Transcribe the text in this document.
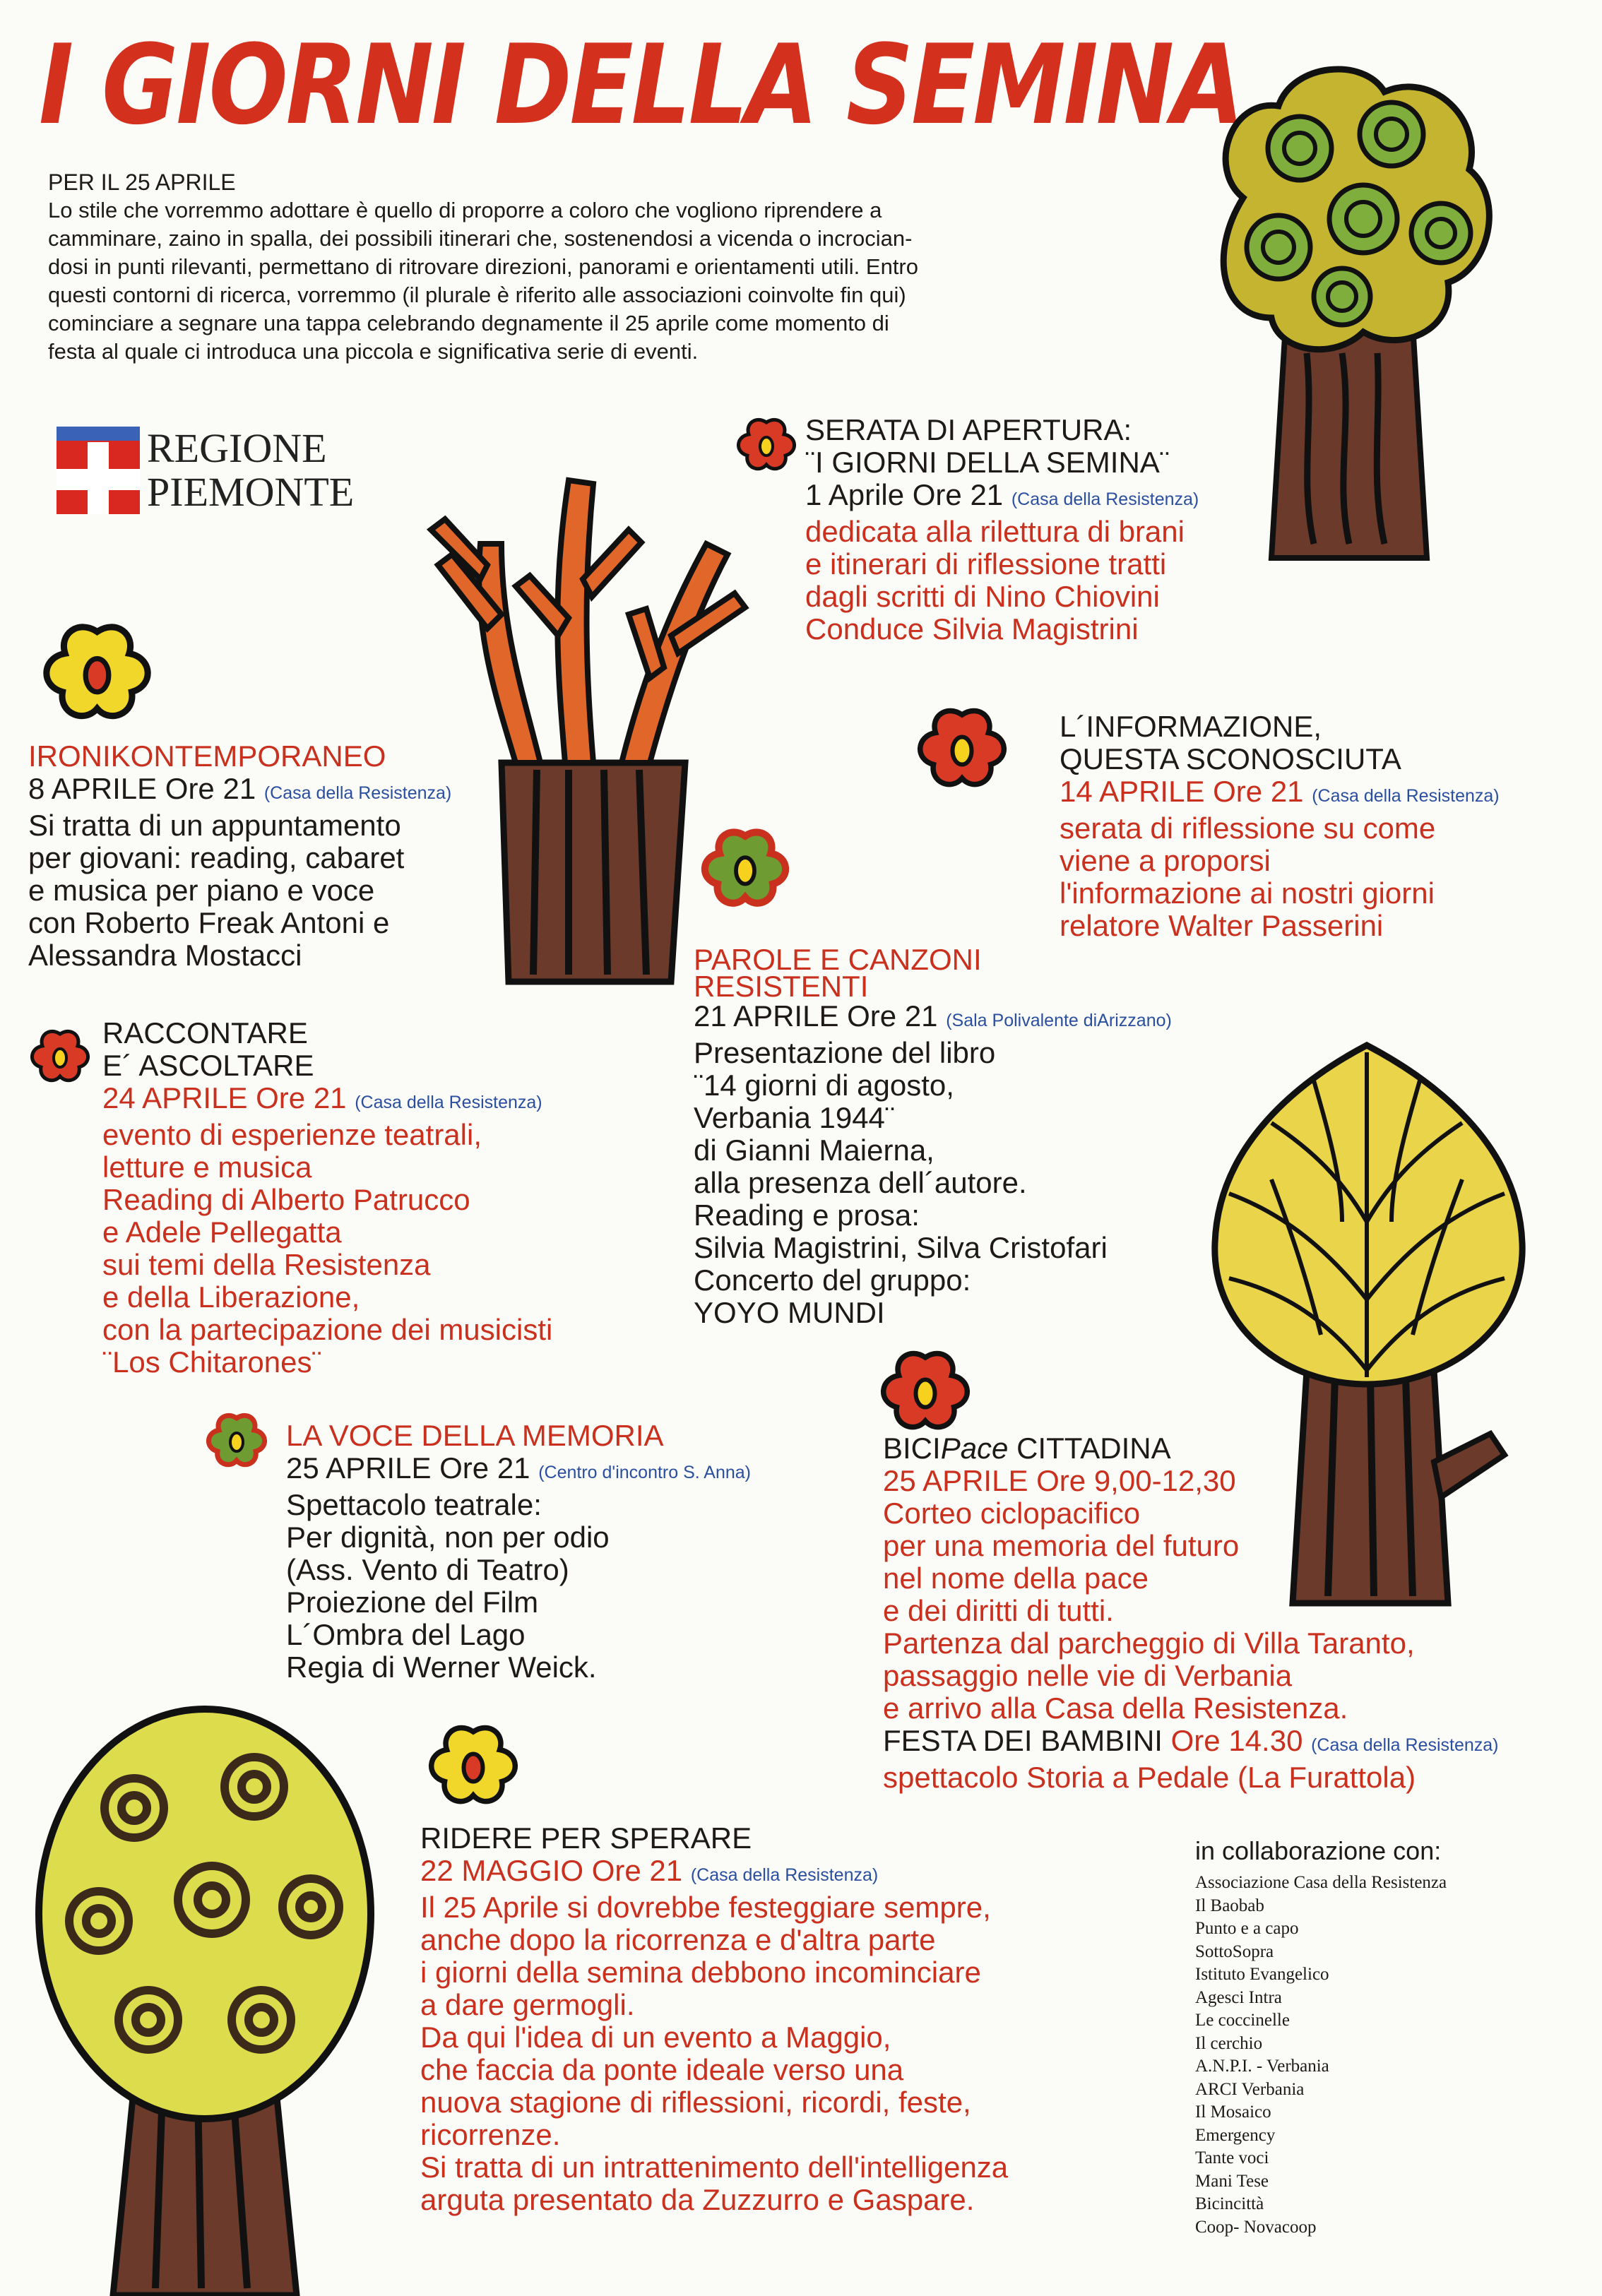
I GIORNI DELLA SEMINA
PER IL 25 APRILE
Lo stile che vorremmo adottare è quello di proporre a coloro che vogliono riprendere a
camminare, zaino in spalla, dei possibili itinerari che, sostenendosi a vicenda o incrocian-
dosi in punti rilevanti, permettano di ritrovare direzioni, panorami e orientamenti utili. Entro
questi contorni di ricerca, vorremmo (il plurale è riferito alle associazioni coinvolte fin qui)
cominciare a segnare una tappa celebrando degnamente il 25 aprile come momento di
festa al quale ci introduca una piccola e significativa serie di eventi.
REGIONE
PIEMONTE
SERATA DI APERTURA:
¨I GIORNI DELLA SEMINA¨
1 Aprile Ore 21 (Casa della Resistenza)
dedicata alla rilettura di brani
e itinerari di riflessione tratti
dagli scritti di Nino Chiovini
Conduce Silvia Magistrini
IRONIKONTEMPORANEO
8 APRILE Ore 21 (Casa della Resistenza)
Si tratta di un appuntamento
per giovani: reading, cabaret
e musica per piano e voce
con Roberto Freak Antoni e
Alessandra Mostacci
L´INFORMAZIONE,
QUESTA SCONOSCIUTA
14 APRILE Ore 21 (Casa della Resistenza)
serata di riflessione su come
viene a proporsi
l'informazione ai nostri giorni
relatore Walter Passerini
PAROLE E CANZONI
RESISTENTI
21 APRILE Ore 21 (Sala Polivalente diArizzano)
Presentazione del libro
¨14 giorni di agosto,
Verbania 1944¨
di Gianni Maierna,
alla presenza dell´autore.
Reading e prosa:
Silvia Magistrini, Silva Cristofari
Concerto del gruppo:
YOYO MUNDI
RACCONTARE
E´ ASCOLTARE
24 APRILE Ore 21 (Casa della Resistenza)
evento di esperienze teatrali,
letture e musica
Reading di Alberto Patrucco
e Adele Pellegatta
sui temi della Resistenza
e della Liberazione,
con la partecipazione dei musicisti
¨Los Chitarones¨
LA VOCE DELLA MEMORIA
25 APRILE Ore 21 (Centro d'incontro S. Anna)
Spettacolo teatrale:
Per dignità, non per odio
(Ass. Vento di Teatro)
Proiezione del Film
L´Ombra del Lago
Regia di Werner Weick.
BICIPace CITTADINA
25 APRILE Ore 9,00-12,30
Corteo ciclopacifico
per una memoria del futuro
nel nome della pace
e dei diritti di tutti.
Partenza dal parcheggio di Villa Taranto,
passaggio nelle vie di Verbania
e arrivo alla Casa della Resistenza.
FESTA DEI BAMBINI Ore 14.30 (Casa della Resistenza)
spettacolo Storia a Pedale (La Furattola)
RIDERE PER SPERARE
22 MAGGIO Ore 21 (Casa della Resistenza)
Il 25 Aprile si dovrebbe festeggiare sempre,
anche dopo la ricorrenza e d'altra parte
i giorni della semina debbono incominciare
a dare germogli.
Da qui l'idea di un evento a Maggio,
che faccia da ponte ideale verso una
nuova stagione di riflessioni, ricordi, feste,
ricorrenze.
Si tratta di un intrattenimento dell'intelligenza
arguta presentato da Zuzzurro e Gaspare.
in collaborazione con:
Associazione Casa della Resistenza
Il Baobab
Punto e a capo
SottoSopra
Istituto Evangelico
Agesci Intra
Le coccinelle
Il cerchio
A.N.P.I. - Verbania
ARCI Verbania
Il Mosaico
Emergency
Tante voci
Mani Tese
Bicincittà
Coop- Novacoop
